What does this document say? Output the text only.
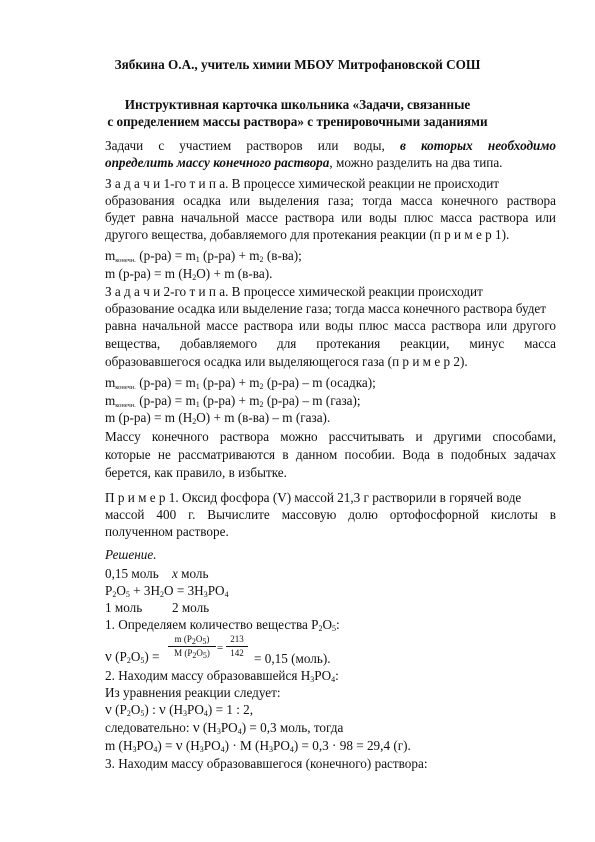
Зябкина О.А., учитель химии МБОУ Митрофановской СОШ
Инструктивная карточка школьника «Задачи, связанные
с определением массы раствора» с тренировочными заданиями
Задачи с участием растворов или воды, в которых необходимо
определить массу конечного раствора, можно разделить на два типа.
З а д а ч и 1-го т и п а. В процессе химической реакции не происходит
образования осадка или выделения газа; тогда масса конечного раствора
будет равна начальной массе раствора или воды плюс масса раствора или
другого вещества, добавляемого для протекания реакции (п р и м е р 1).
mконечн. $(р-ра) = m_1$ $(р-ра) + m_2$ (в-ва);
m (р-ра) = m $(H_2O) + m$ (в-ва).
З а д а ч и 2-го т и п а. В процессе химической реакции происходит
образование осадка или выделение газа; тогда масса конечного раствора будет
равна начальной массе раствора или воды плюс масса раствора или другого
вещества, добавляемого для протекания реакции, минус масса
образовавшегося осадка или выделяющегося газа (п р и м е р 2).
mконечн. $(р-ра) = m_1$ $(р-ра) + m_2$ (р-ра) – m (осадка);
mконечн. $(р-ра) = m_1$ $(р-ра) + m_2$ (р-ра) – m (газа);
m (р-ра) = m $(H_2O) + m$ (в-ва) – m (газа).
Массу конечного раствора можно рассчитывать и другими способами,
которые не рассматриваются в данном пособии. Вода в подобных задачах
берется, как правило, в избытке.
П р и м е р 1. Оксид фосфора (V) массой 21,3 г растворили в горячей воде
массой 400 г. Вычислите массовую долю ортофосфорной кислоты в
полученном растворе.
Решение.
0,15 моль x моль
$P_2O_5 + 3H_2O = 3H_3PO_4$
1 моль 2 моль
1. Определяем количество вещества $P_2O_5$:
ν $(P_2O_5)$ =
m $(P_2O_5)$
M $(P_2O_5)$ =
213
142 = 0,15 (моль).
2. Находим массу образовавшейся $H_3PO_4$:
Из уравнения реакции следует:
ν $(P_2O_5)$ : ν $(H_3PO_4) = 1$ : 2,
следовательно: ν $(H_3PO_4) = 0,3$ моль, тогда
m $(H_3PO_4) = \nu$ $(H_3PO_4) \cdot M$ $(H_3PO_4) = 0,3 \cdot 98 = 29,4$ (г).
3. Находим массу образовавшегося (конечного) раствора:
